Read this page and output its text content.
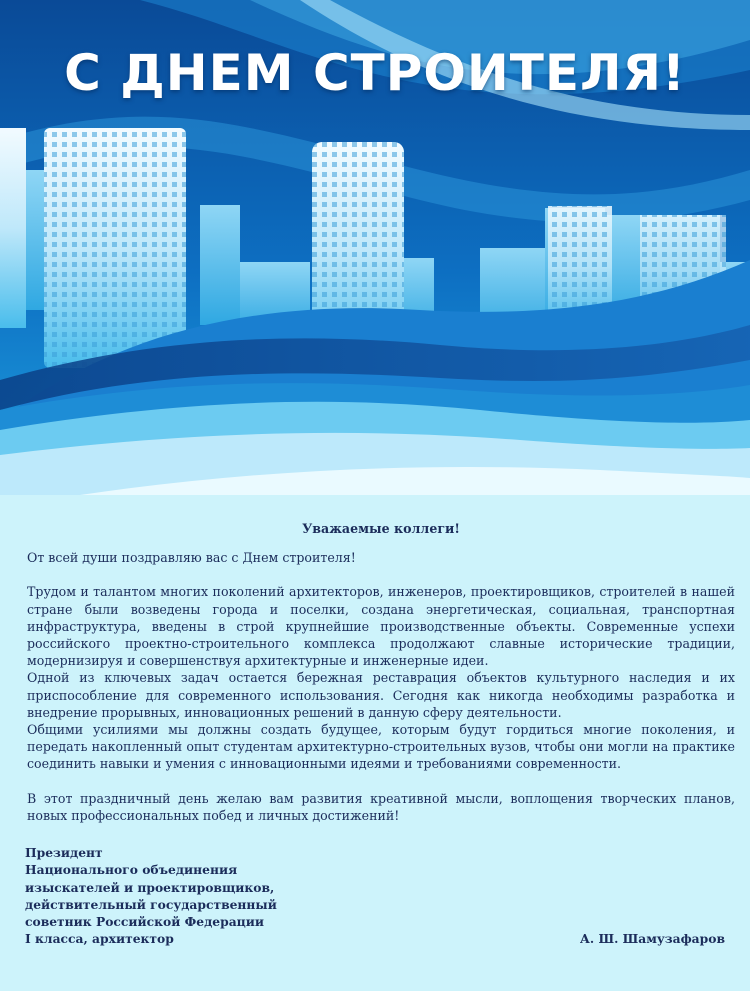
С ДНЕМ СТРОИТЕЛЯ!
Уважаемые коллеги!

От всей души поздравляю вас с Днем строителя!

Трудом и талантом многих поколений архитекторов, инженеров, проектировщиков, строителей в нашей стране были возведены города и поселки, создана энергетическая, социальная, транспортная инфраструктура, введены в строй крупнейшие производственные объекты. Современные успехи российского проектно-строительного комплекса продолжают славные исторические традиции, модернизируя и совершенствуя архитектурные и инженерные идеи.

Одной из ключевых задач остается бережная реставрация объектов культурного наследия и их приспособление для современного использования. Сегодня как никогда необходимы разработка и внедрение прорывных, инновационных решений в данную сферу деятельности.

Общими усилиями мы должны создать будущее, которым будут гордиться многие поколения, и передать накопленный опыт студентам архитектурно-строительных вузов, чтобы они могли на практике соединить навыки и умения с инновационными идеями и требованиями современности.

В этот праздничный день желаю вам развития креативной мысли, воплощения творческих планов, новых профессиональных побед и личных достижений!

Президент
Национального объединения
изыскателей и проектировщиков,
действительный государственный
советник Российской Федерации
I класса, архитектор	А. Ш. Шамузафаров
